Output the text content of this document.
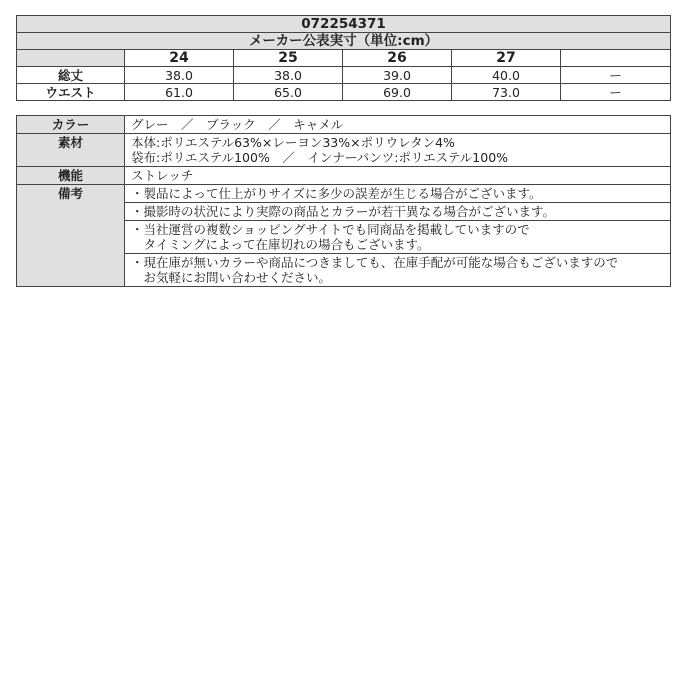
072254371					
メーカー公表実寸（単位:cm）					
	24	25	26	27	
総丈	38.0	38.0	39.0	40.0	ー
ウエスト	61.0	65.0	69.0	73.0	ー
カラー	グレー　／　ブラック　／　キャメル
素材	本体:ポリエステル63%×レーヨン33%×ポリウレタン4%
袋布:ポリエステル100%　／　インナーパンツ:ポリエステル100%

機能	ストレッチ
備考	・製品によって仕上がりサイズに多少の誤差が生じる場合がございます。

	・撮影時の状況により実際の商品とカラーが若干異なる場合がございます。

	・当社運営の複数ショッピングサイトでも同商品を掲載していますので
　タイミングによって在庫切れの場合もございます。

	・現在庫が無いカラーや商品につきましても、在庫手配が可能な場合もございますので
　お気軽にお問い合わせください。
